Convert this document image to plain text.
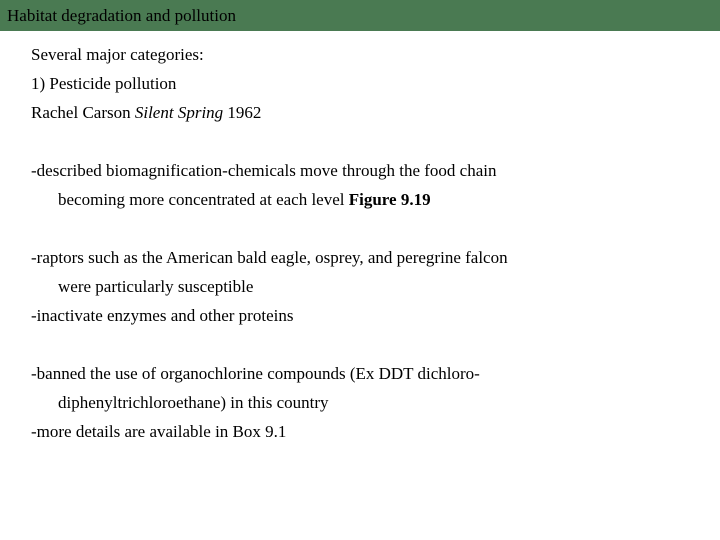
Habitat degradation and pollution
Several major categories:
1) Pesticide pollution
Rachel Carson Silent Spring 1962
-described biomagnification-chemicals move through the food chain
becoming more concentrated at each level Figure 9.19
-raptors such as the American bald eagle, osprey, and peregrine falcon
were particularly susceptible
-inactivate enzymes and other proteins
-banned the use of organochlorine compounds (Ex DDT dichloro-
diphenyltrichloroethane) in this country
-more details are available in Box 9.1
